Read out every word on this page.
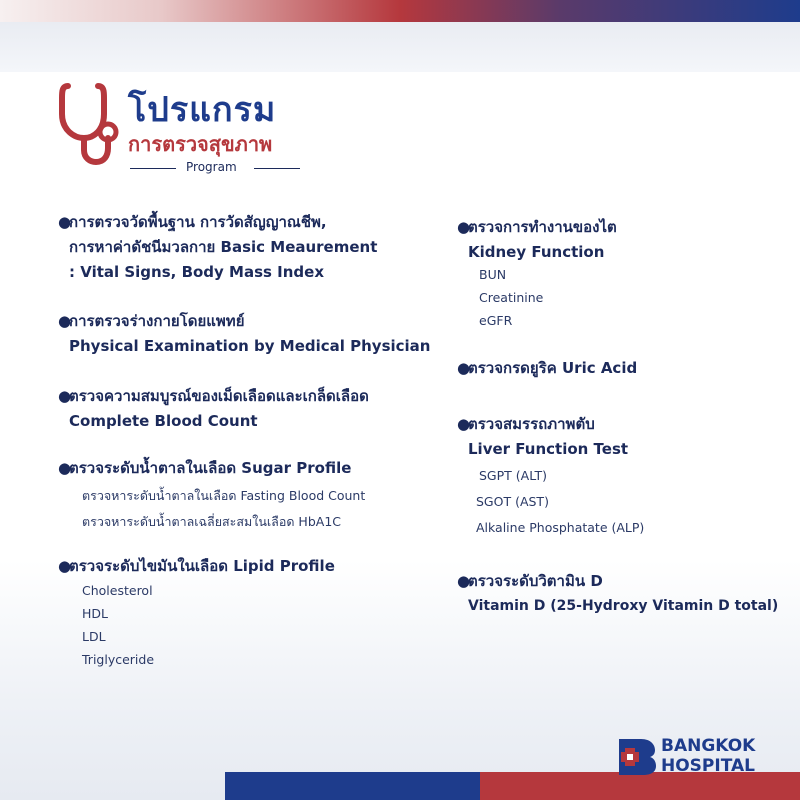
โปรแกรม
การตรวจสุขภาพ
Program
●
การตรวจวัดพื้นฐาน การวัดสัญญาณชีพ,
การหาค่าดัชนีมวลกาย Basic Meaurement
: Vital Signs, Body Mass Index
●
การตรวจร่างกายโดยแพทย์
Physical Examination by Medical Physician
●
ตรวจความสมบูรณ์ของเม็ดเลือดและเกล็ดเลือด
Complete Blood Count
●
ตรวจระดับน้ำตาลในเลือด Sugar Profile
ตรวจหาระดับน้ำตาลในเลือด Fasting Blood Count
ตรวจหาระดับน้ำตาลเฉลี่ยสะสมในเลือด HbA1C
●
ตรวจระดับไขมันในเลือด Lipid Profile
Cholesterol
HDL
LDL
Triglyceride
●
ตรวจการทำงานของไต
Kidney Function
BUN
Creatinine
eGFR
●
ตรวจกรดยูริค Uric Acid
●
ตรวจสมรรถภาพตับ
Liver Function Test
SGPT (ALT)
SGOT (AST)
Alkaline Phosphatate (ALP)
●
ตรวจระดับวิตามิน D
Vitamin D (25-Hydroxy Vitamin D total)
BANGKOK
HOSPITAL
